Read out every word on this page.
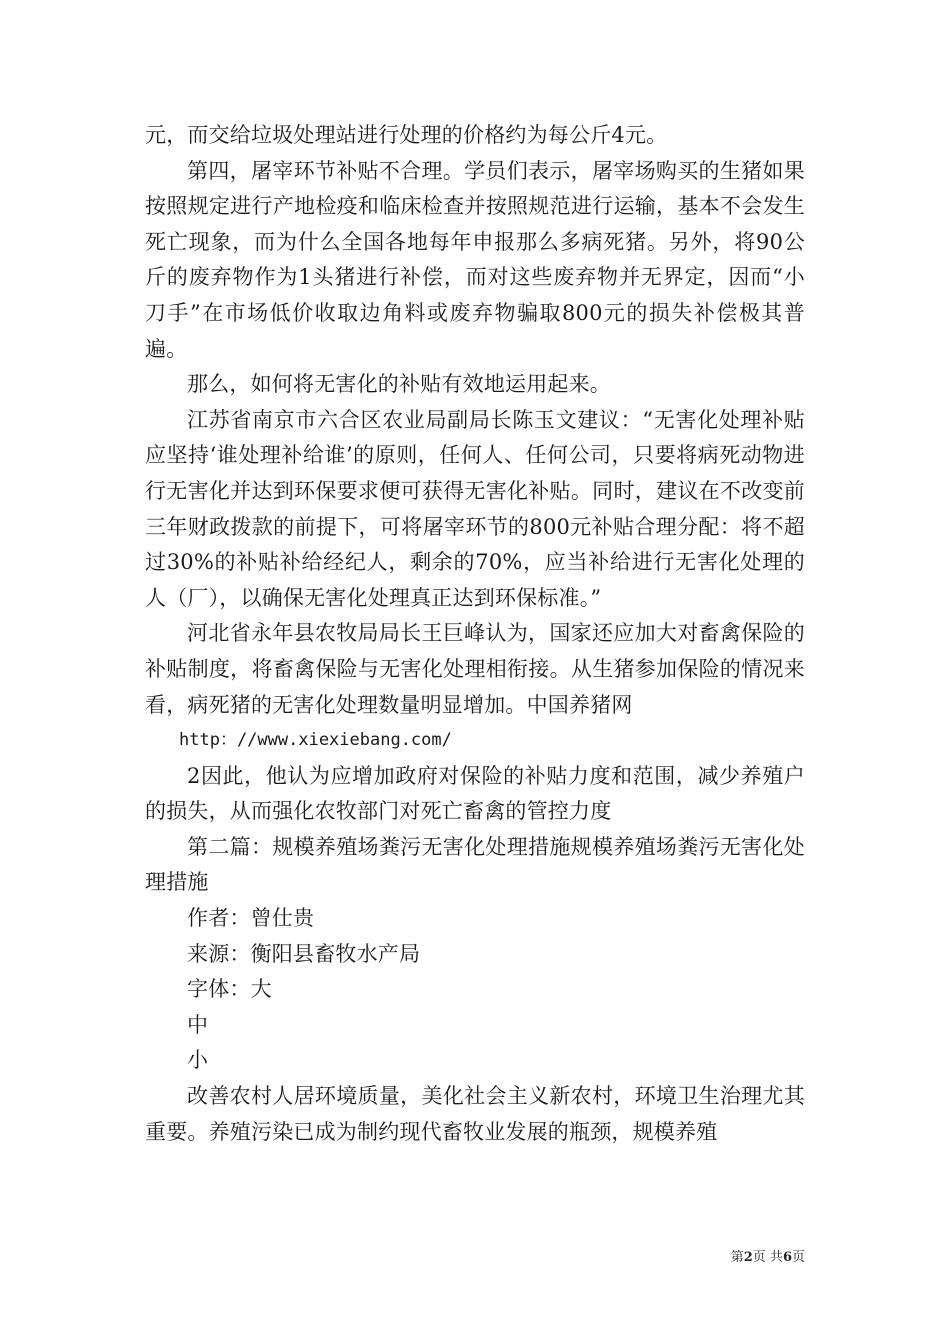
元，而交给垃圾处理站进行处理的价格约为每公斤4元。

第四，屠宰环节补贴不合理。学员们表示，屠宰场购买的生猪如果按照规定进行产地检疫和临床检查并按照规范进行运输，基本不会发生死亡现象，而为什么全国各地每年申报那么多病死猪。另外，将90公斤的废弃物作为1头猪进行补偿，而对这些废弃物并无界定，因而“小刀手”在市场低价收取边角料或废弃物骗取800元的损失补偿极其普遍。

那么，如何将无害化的补贴有效地运用起来。

江苏省南京市六合区农业局副局长陈玉文建议：“无害化处理补贴应坚持‘谁处理补给谁’的原则，任何人、任何公司，只要将病死动物进行无害化并达到环保要求便可获得无害化补贴。同时，建议在不改变前三年财政拨款的前提下，可将屠宰环节的800元补贴合理分配：将不超过30%的补贴补给经纪人，剩余的70%，应当补给进行无害化处理的人（厂），以确保无害化处理真正达到环保标准。”

河北省永年县农牧局局长王巨峰认为，国家还应加大对畜禽保险的补贴制度，将畜禽保险与无害化处理相衔接。从生猪参加保险的情况来看，病死猪的无害化处理数量明显增加。中国养猪网

http：//www.xiexiebang.com/

2因此，他认为应增加政府对保险的补贴力度和范围，减少养殖户的损失，从而强化农牧部门对死亡畜禽的管控力度

第二篇：规模养殖场粪污无害化处理措施规模养殖场粪污无害化处理措施

作者：曾仕贵

来源：衡阳县畜牧水产局

字体：大

中

小

改善农村人居环境质量，美化社会主义新农村，环境卫生治理尤其重要。养殖污染已成为制约现代畜牧业发展的瓶颈，规模养殖

第2页 共6页
